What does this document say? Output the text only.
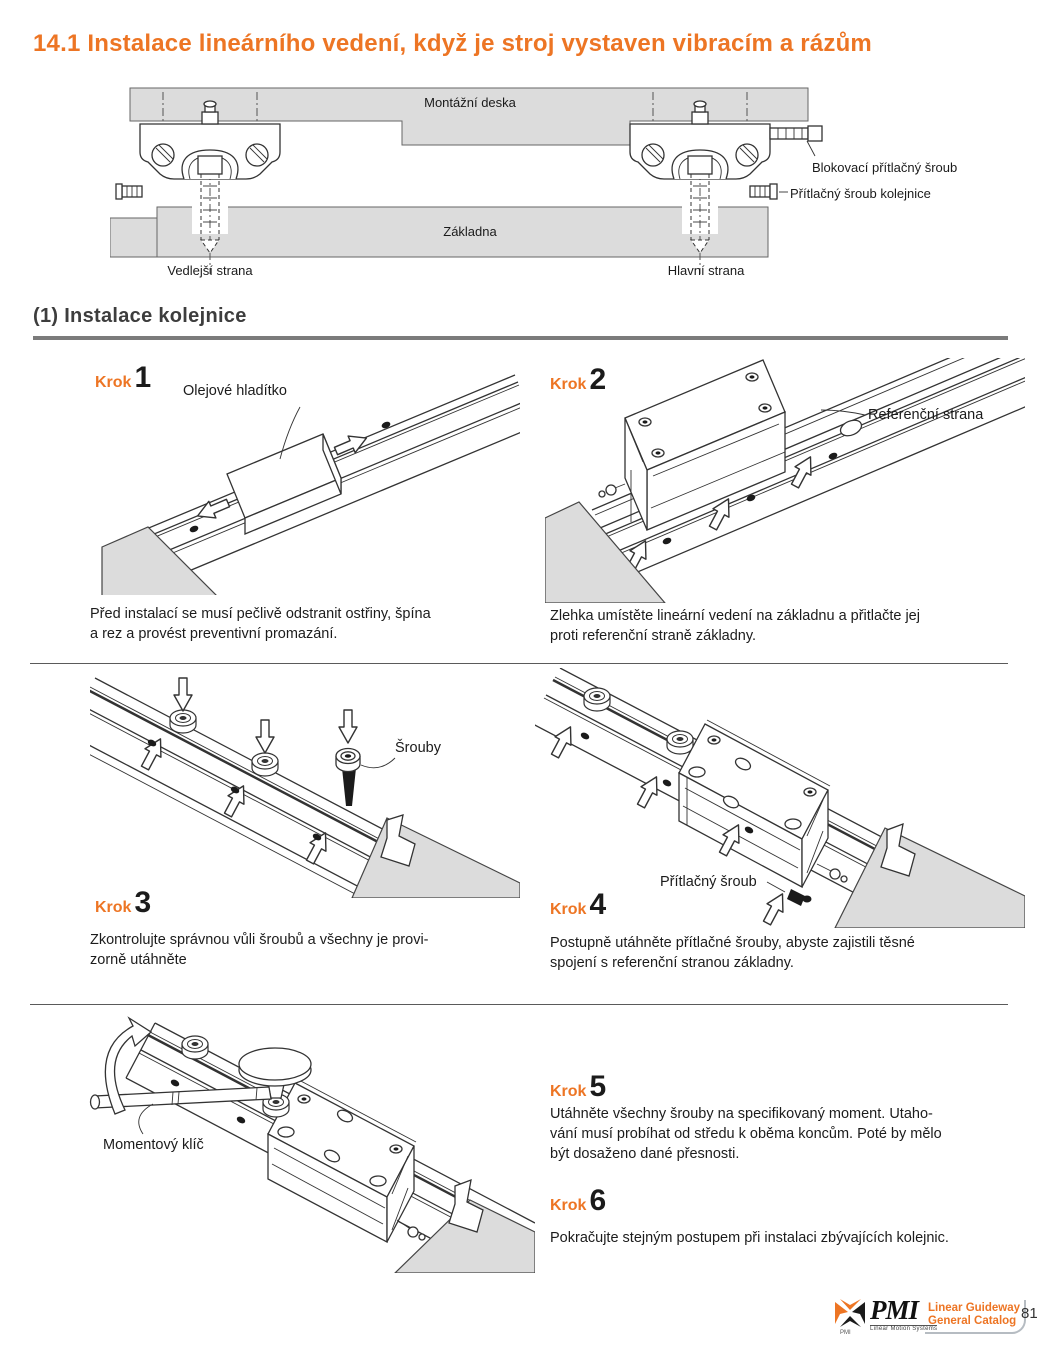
14.1 Instalace lineárního vedení, když je stroj vystaven vibracím a rázům
Montážní deska
Základna
Blokovací přítlačný šroub
Přítlačný šroub kolejnice
Vedlejší strana	Hlavní strana
(1) Instalace kolejnice
Krok 1 Olejové hladítko
Před instalací se musí pečlivě odstranit ostřiny, špína
a rez a provést preventivní promazání.
Krok 2
Referenční strana
Zlehka umístěte lineární vedení na základnu a přitlačte jej
proti referenční straně základny.
Šrouby
Krok 3
Zkontrolujte správnou vůli šroubů a všechny je provi-
zorně utáhněte
Přítlačný šroub
Krok 4
Postupně utáhněte přítlačné šrouby, abyste zajistili těsné
spojení s referenční stranou základny.
Momentový klíč
Krok 5
Utáhněte všechny šrouby na specifikovaný moment. Utaho-
vání musí probíhat od středu k oběma koncům. Poté by mělo
být dosaženo dané přesnosti.
Krok 6
Pokračujte stejným postupem při instalaci zbývajících kolejnic.
PMI
PMI
Linear Motion Systems
Linear Guideway
General Catalog 81
